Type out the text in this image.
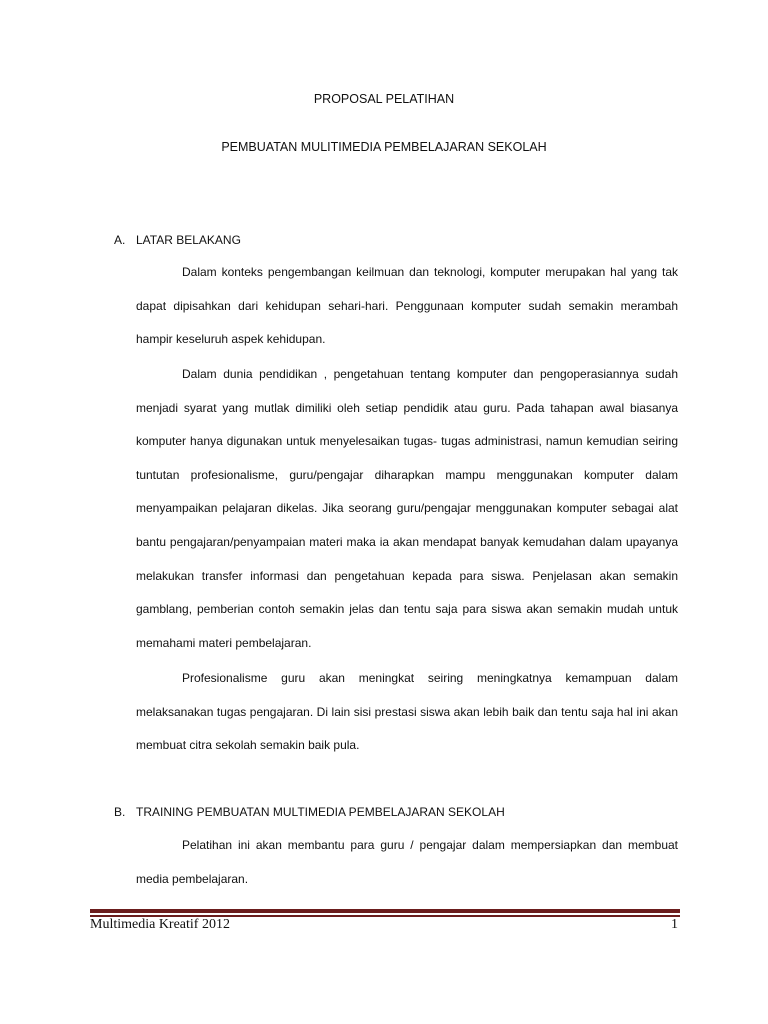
PROPOSAL PELATIHAN
PEMBUATAN MULITIMEDIA PEMBELAJARAN SEKOLAH
A. LATAR BELAKANG

Dalam konteks pengembangan keilmuan dan teknologi, komputer merupakan hal yang tak dapat dipisahkan dari kehidupan sehari-hari. Penggunaan komputer sudah semakin merambah hampir keseluruh aspek kehidupan.

Dalam dunia pendidikan , pengetahuan tentang komputer dan pengoperasiannya sudah menjadi syarat yang mutlak dimiliki oleh setiap pendidik atau guru. Pada tahapan awal biasanya komputer hanya digunakan untuk menyelesaikan tugas- tugas administrasi, namun kemudian seiring tuntutan profesionalisme, guru/pengajar diharapkan mampu menggunakan komputer dalam menyampaikan pelajaran dikelas. Jika seorang guru/pengajar menggunakan komputer sebagai alat bantu pengajaran/penyampaian materi maka ia akan mendapat banyak kemudahan dalam upayanya melakukan transfer informasi dan pengetahuan kepada para siswa. Penjelasan akan semakin gamblang, pemberian contoh semakin jelas dan tentu saja para siswa akan semakin mudah untuk memahami materi pembelajaran.

Profesionalisme guru akan meningkat seiring meningkatnya kemampuan dalam melaksanakan tugas pengajaran. Di lain sisi prestasi siswa akan lebih baik dan tentu saja hal ini akan membuat citra sekolah semakin baik pula.

B. TRAINING PEMBUATAN MULTIMEDIA PEMBELAJARAN SEKOLAH

Pelatihan ini akan membantu para guru / pengajar dalam mempersiapkan dan membuat media pembelajaran.

Multimedia Kreatif 2012	1
